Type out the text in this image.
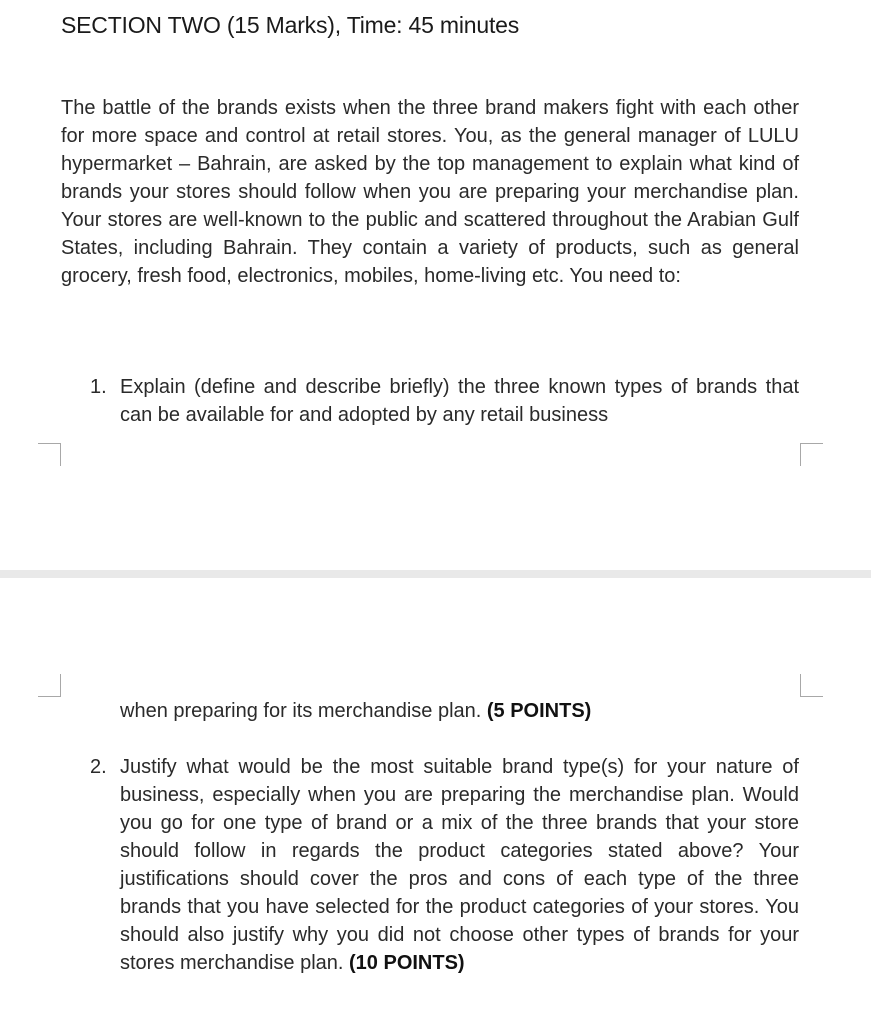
SECTION TWO (15 Marks), Time: 45 minutes

The battle of the brands exists when the three brand makers fight with each other for more space and control at retail stores. You, as the general manager of LULU hypermarket – Bahrain, are asked by the top management to explain what kind of brands your stores should follow when you are preparing your merchandise plan. Your stores are well-known to the public and scattered throughout the Arabian Gulf States, including Bahrain. They contain a variety of products, such as general grocery, fresh food, electronics, mobiles, home-living etc. You need to:

1. Explain (define and describe briefly) the three known types of brands that can be available for and adopted by any retail business
when preparing for its merchandise plan. (5 POINTS)
2. Justify what would be the most suitable brand type(s) for your nature of business, especially when you are preparing the merchandise plan. Would you go for one type of brand or a mix of the three brands that your store should follow in regards the product categories stated above? Your justifications should cover the pros and cons of each type of the three brands that you have selected for the product categories of your stores. You should also justify why you did not choose other types of brands for your stores merchandise plan. (10 POINTS)
